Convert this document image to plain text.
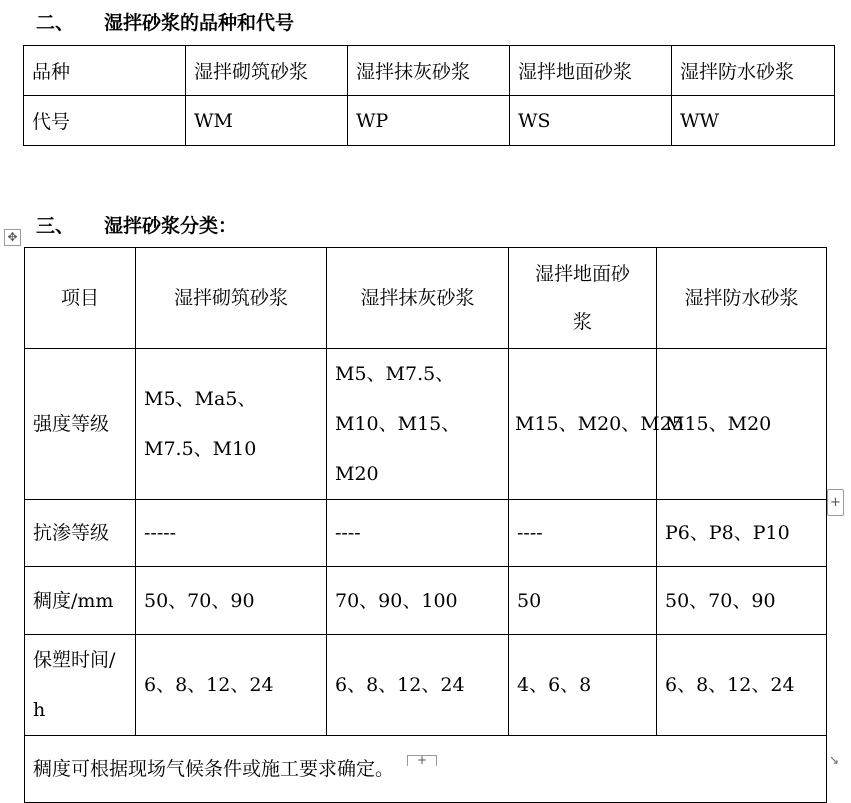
二、 湿拌砂浆的品种和代号
品种	湿拌砌筑砂浆	湿拌抹灰砂浆	湿拌地面砂浆	湿拌防水砂浆
代号	WM	WP	WS	WW
✥ 三、 湿拌砂浆分类：
项目	湿拌砌筑砂浆	湿拌抹灰砂浆	湿拌地面砂浆	湿拌防水砂浆
强度等级	M5、Ma5、M7.5、M10	M5、M7.5、M10、M15、M20	M15、M20、M25	M15、M20
抗渗等级	-----	----	----	P6、P8、P10
稠度/mm	50、70、90	70、90、100	50	50、70、90
保塑时间/h	6、8、12、24	6、8、12、24	4、6、8	6、8、12、24
稠度可根据现场气候条件或施工要求确定。				
+
+	↘
